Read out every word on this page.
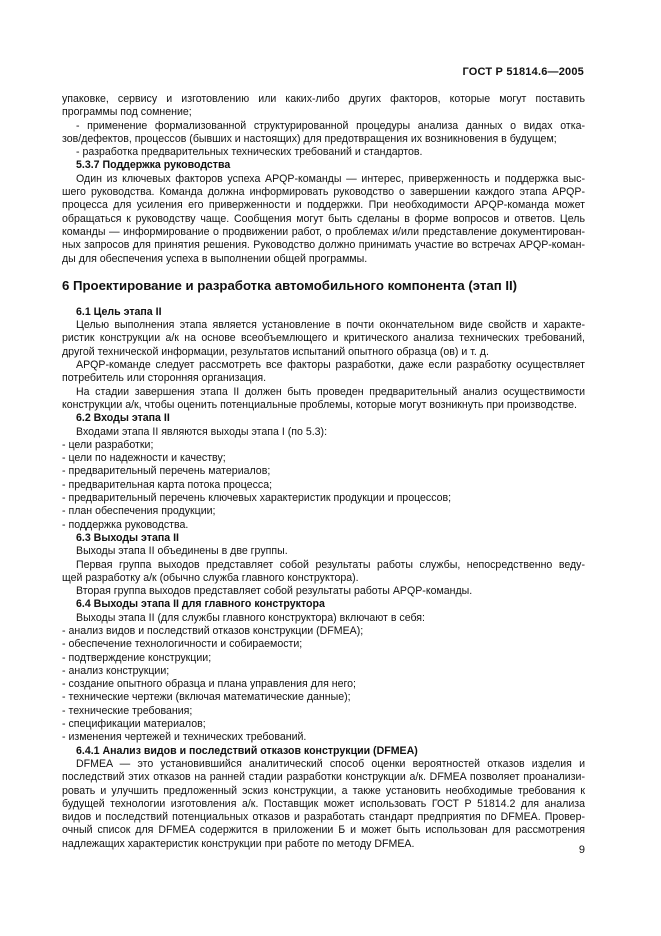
ГОСТ Р 51814.6—2005
упаковке, сервису и изготовлению или каких-либо других факторов, которые могут поставить
программы под сомнение;
- применение формализованной структурированной процедуры анализа данных о видах отка-
зов/дефектов, процессов (бывших и настоящих) для предотвращения их возникновения в будущем;
- разработка предварительных технических требований и стандартов.
5.3.7 Поддержка руководства
Один из ключевых факторов успеха APQP-команды — интерес, приверженность и поддержка выс-
шего руководства. Команда должна информировать руководство о завершении каждого этапа APQP-
процесса для усиления его приверженности и поддержки. При необходимости APQP-команда может
обращаться к руководству чаще. Сообщения могут быть сделаны в форме вопросов и ответов. Цель
команды — информирование о продвижении работ, о проблемах и/или представление документирован-
ных запросов для принятия решения. Руководство должно принимать участие во встречах APQP-коман-
ды для обеспечения успеха в выполнении общей программы.
6 Проектирование и разработка автомобильного компонента (этап II)
6.1 Цель этапа II
Целью выполнения этапа является установление в почти окончательном виде свойств и характе-
ристик конструкции а/к на основе всеобъемлющего и критического анализа технических требований,
другой технической информации, результатов испытаний опытного образца (ов) и т. д.
APQP-команде следует рассмотреть все факторы разработки, даже если разработку осуществляет
потребитель или сторонняя организация.
На стадии завершения этапа II должен быть проведен предварительный анализ осуществимости
конструкции а/к, чтобы оценить потенциальные проблемы, которые могут возникнуть при производстве.
6.2 Входы этапа II
Входами этапа II являются выходы этапа I (по 5.3):
- цели разработки;
- цели по надежности и качеству;
- предварительный перечень материалов;
- предварительная карта потока процесса;
- предварительный перечень ключевых характеристик продукции и процессов;
- план обеспечения продукции;
- поддержка руководства.
6.3 Выходы этапа II
Выходы этапа II объединены в две группы.
Первая группа выходов представляет собой результаты работы службы, непосредственно веду-
щей разработку а/к (обычно служба главного конструктора).
Вторая группа выходов представляет собой результаты работы APQP-команды.
6.4 Выходы этапа II для главного конструктора
Выходы этапа II (для службы главного конструктора) включают в себя:
- анализ видов и последствий отказов конструкции (DFMEA);
- обеспечение технологичности и собираемости;
- подтверждение конструкции;
- анализ конструкции;
- создание опытного образца и плана управления для него;
- технические чертежи (включая математические данные);
- технические требования;
- спецификации материалов;
- изменения чертежей и технических требований.
6.4.1 Анализ видов и последствий отказов конструкции (DFMEA)
DFMEA — это установившийся аналитический способ оценки вероятностей отказов изделия и
последствий этих отказов на ранней стадии разработки конструкции а/к. DFMEA позволяет проанализи-
ровать и улучшить предложенный эскиз конструкции, а также установить необходимые требования к
будущей технологии изготовления а/к. Поставщик может использовать ГОСТ Р 51814.2 для анализа
видов и последствий потенциальных отказов и разработать стандарт предприятия по DFMEA. Провер-
очный список для DFMEA содержится в приложении Б и может быть использован для рассмотрения
надлежащих характеристик конструкции при работе по методу DFMEA.
9
